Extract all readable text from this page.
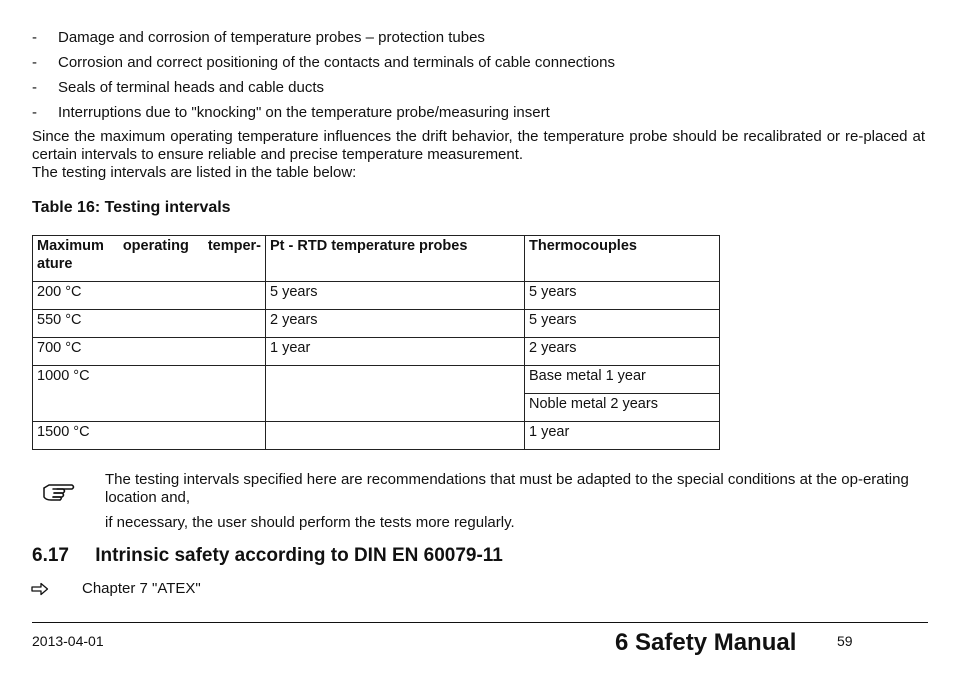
- Damage and corrosion of temperature probes – protection tubes
- Corrosion and correct positioning of the contacts and terminals of cable connections
- Seals of terminal heads and cable ducts
- Interruptions due to "knocking" on the temperature probe/measuring insert

Since the maximum operating temperature influences the drift behavior, the temperature probe should be recalibrated or re-placed at certain intervals to ensure reliable and precise temperature measurement.

The testing intervals are listed in the table below:

Table 16: Testing intervals
Maximum operating temper-ature	Pt - RTD temperature probes	Thermocouples
200 °C	5 years	5 years
550 °C	2 years	5 years
700 °C	1 year	2 years
1000 °C		Base metal 1 year
		Noble metal 2 years
1500 °C		1 year

The testing intervals specified here are recommendations that must be adapted to the special conditions at the op-erating location and,

if necessary, the user should perform the tests more regularly.

6.17 Intrinsic safety according to DIN EN 60079-11
Chapter 7 "ATEX"
2013-04-01	6 Safety Manual	59
